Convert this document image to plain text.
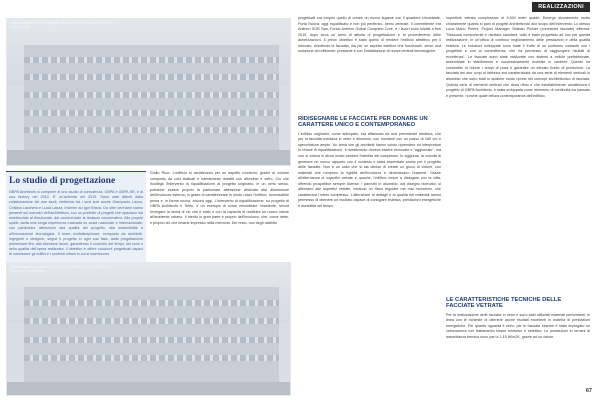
REALIZZAZIONI
Nell'immagine in alto il progetto dell'edificio che si affaccia su Via Pietro Rossi
Lo studio di progettazione
GBPA Architects si compone di uno studio di consulenza, GBPA e GBPA SR, e di una factory nel 2014. E' un'azienda nel 2015. Sono stati attenti dalla collaborazione dei due studi, mettendo tra i suoi soci anche Giampaolo Lanza, Cristina Lacchera e Lucia Lanza, insieme ad Igor Brava. Da oltre vent'anni siamo presenti sul mercato dell'architettura, con un portfolio di progetti che spaziano dal residenziale al direzionale, dal commerciale al restauro conservativo. Alle proprie spalle vanta una lunga esperienza maturata su scala nazionale e internazionale, con particolare attenzione alla qualità del progetto, alla sostenibilità e all'innovazione tecnologica. Il team multidisciplinare, composto da architetti, ingegneri e designer, segue il progetto in ogni sua fase, dalla progettazione preliminare fino alla direzione lavori, garantendo il controllo dei tempi, dei costi e della qualità dell'opera realizzata. L'obiettivo è offrire soluzioni progettuali capaci di valorizzare gli edifici e i contesti urbani in cui si inseriscono.
Giulio Ricci. L'edificio si caratterizza per un aspetto moderno, grazie al volume composto da cubi staticati e interamente rivestiti con alluminio e vetro. Ciò che ricollega l'intervento di riqualificazione al progetto originario, in un certo senso, potrebbe essere proprio la particolare attenzione dedicata alla dimensione dell'involucro esterno, in grado di caratterizzare in modo unico l'edificio, riconoscibile prima e, in forma nuova, ancora oggi. L'intervento di riqualificazione, su progetto di GBPA Architects e Tetris, è un esempio di come rimodellare l'esistente, senza rinnegare la storia di ciò che è stato e con la capacità di restituire un nuovo valore all'ambiente urbano. Il merito in gran parte è proprio dell'involucro, che, come detto, è proprio ciò che rimane impresso nella memoria. Del resto, uno degli obiettivi
Nell'immagine in basso il progetto dell'edificio che si affaccia sul Corso di Porta Nuova
progettuali era proprio quello di creare un nuovo legame con il quartiere circostante, Porta Nuova, oggi riqualificato e non più periferico, bensì centrale. Il committente era Antirion SGR Spa, Fondo Antirion Global Comparto Core, e i lavori sono iniziati a fine 2015, dopo circa un anno di attività di progettazione e di procedimento delle autorizzazioni. Il primo obiettivo è stato quello di rendere l'edificio attrattivo per il mercato, rivedendo la facciata, sia per un aspetto estetico che funzionale, verso una soluzione più efficiente, prestante e con l'installazione di nuove centrali tecnologiche.
RIDISEGNARE LE FACCIATE PER DONARE UN CARATTERE UNICO E CONTEMPORANEO
L'edificio originario, come anticipato, era affiancato da una precedente struttura, che per la facciata mediava in vetro e alluminio, con montanti con un passo di 180 cm e specchiature ampie. Un tema che gli architetti hanno voluto riprendere ed interpretare in chiave di riqualificazione. Il rivestimento doveva essere rinnovato e "aggiornato", ma non si voleva in alcun modo perdere l'identità del complesso. In aggiunta, la volontà di generare un nuovo rapporto con il contesto e stata essenziale anche per il progetto delle facciate. Non è un caso che si sia deciso di creare un gioco di volumi, con materiali che rompono la rigidità dell'involucro e dinamizzano l'insieme. Grazie all'alternanza di superfici vetrate e opache, l'edificio riesce a dialogare con la città, offrendo prospettive sempre diverse. I pannelli in alluminio, dal disegno ricercato, si alternano alle superfici vetrate, creando un ritmo regolare ma mai monotono, che caratterizza l'intero complesso. L'attenzione ai dettagli e la qualità dei materiali hanno permesso di ottenere un risultato capace di coniugare estetica, prestazioni energetiche e durabilità nel tempo.
superficie vetrata complessiva di 8.300 metri quadri. Emerge sicuramente molto chiaramente quanto si parli di progetti architettonici allo scopo dell'intervento. Lo stesso Luca Mario Petrini, Project Manager Stalbau Pichler (contractor facciate) afferma: "Nessuna componente è risultata standard, tutto è stato progettato ad hoc per questa realizzazione, in un'ottica di continuo miglioramento delle prestazioni e della qualità estetica. Le soluzioni sviluppate sono state il frutto di un confronto costante con i progettisti e con la committenza, che ha permesso di raggiungere risultati di eccellenza". Le facciate sono state realizzate con sistemi a cellule prefabbricate, assemblate in stabilimento e successivamente montate in cantiere. Questo ha consentito di ridurre i tempi di posa e garantire un elevato livello di precisione. La facciata dei due corpi di fabbrica era caratterizzata da una serie di elementi verticali in alluminio che sono stati in qualche modo ripresi nel concept architettonico di facciata. Questa serie di elementi verticali che dona ritmo e che inevitabilmente caratterizza il progetto di GBPA Architects, è stata sviluppata come elemento di continuità tra passato e presente, nonché quale lettura contemporanea dell'edificio.
LE CARATTERISTICHE TECNICHE DELLE FACCIATE VETRATE
Per la realizzazione delle facciate in vetro e sono stati utilizzati materiali performanti, in linea con le richieste di ottenere anche risultati eccellenti in materia di prestazioni energetiche. Per quanto riguarda il vetro, per le facciate esterne è stato impiegato un vetrocamera con trattamento basso emissivo e selettivo. Le prestazioni in termini di trasmittanza termica sono pari a 1,15 W/m2K, grazie ad un valore
67
